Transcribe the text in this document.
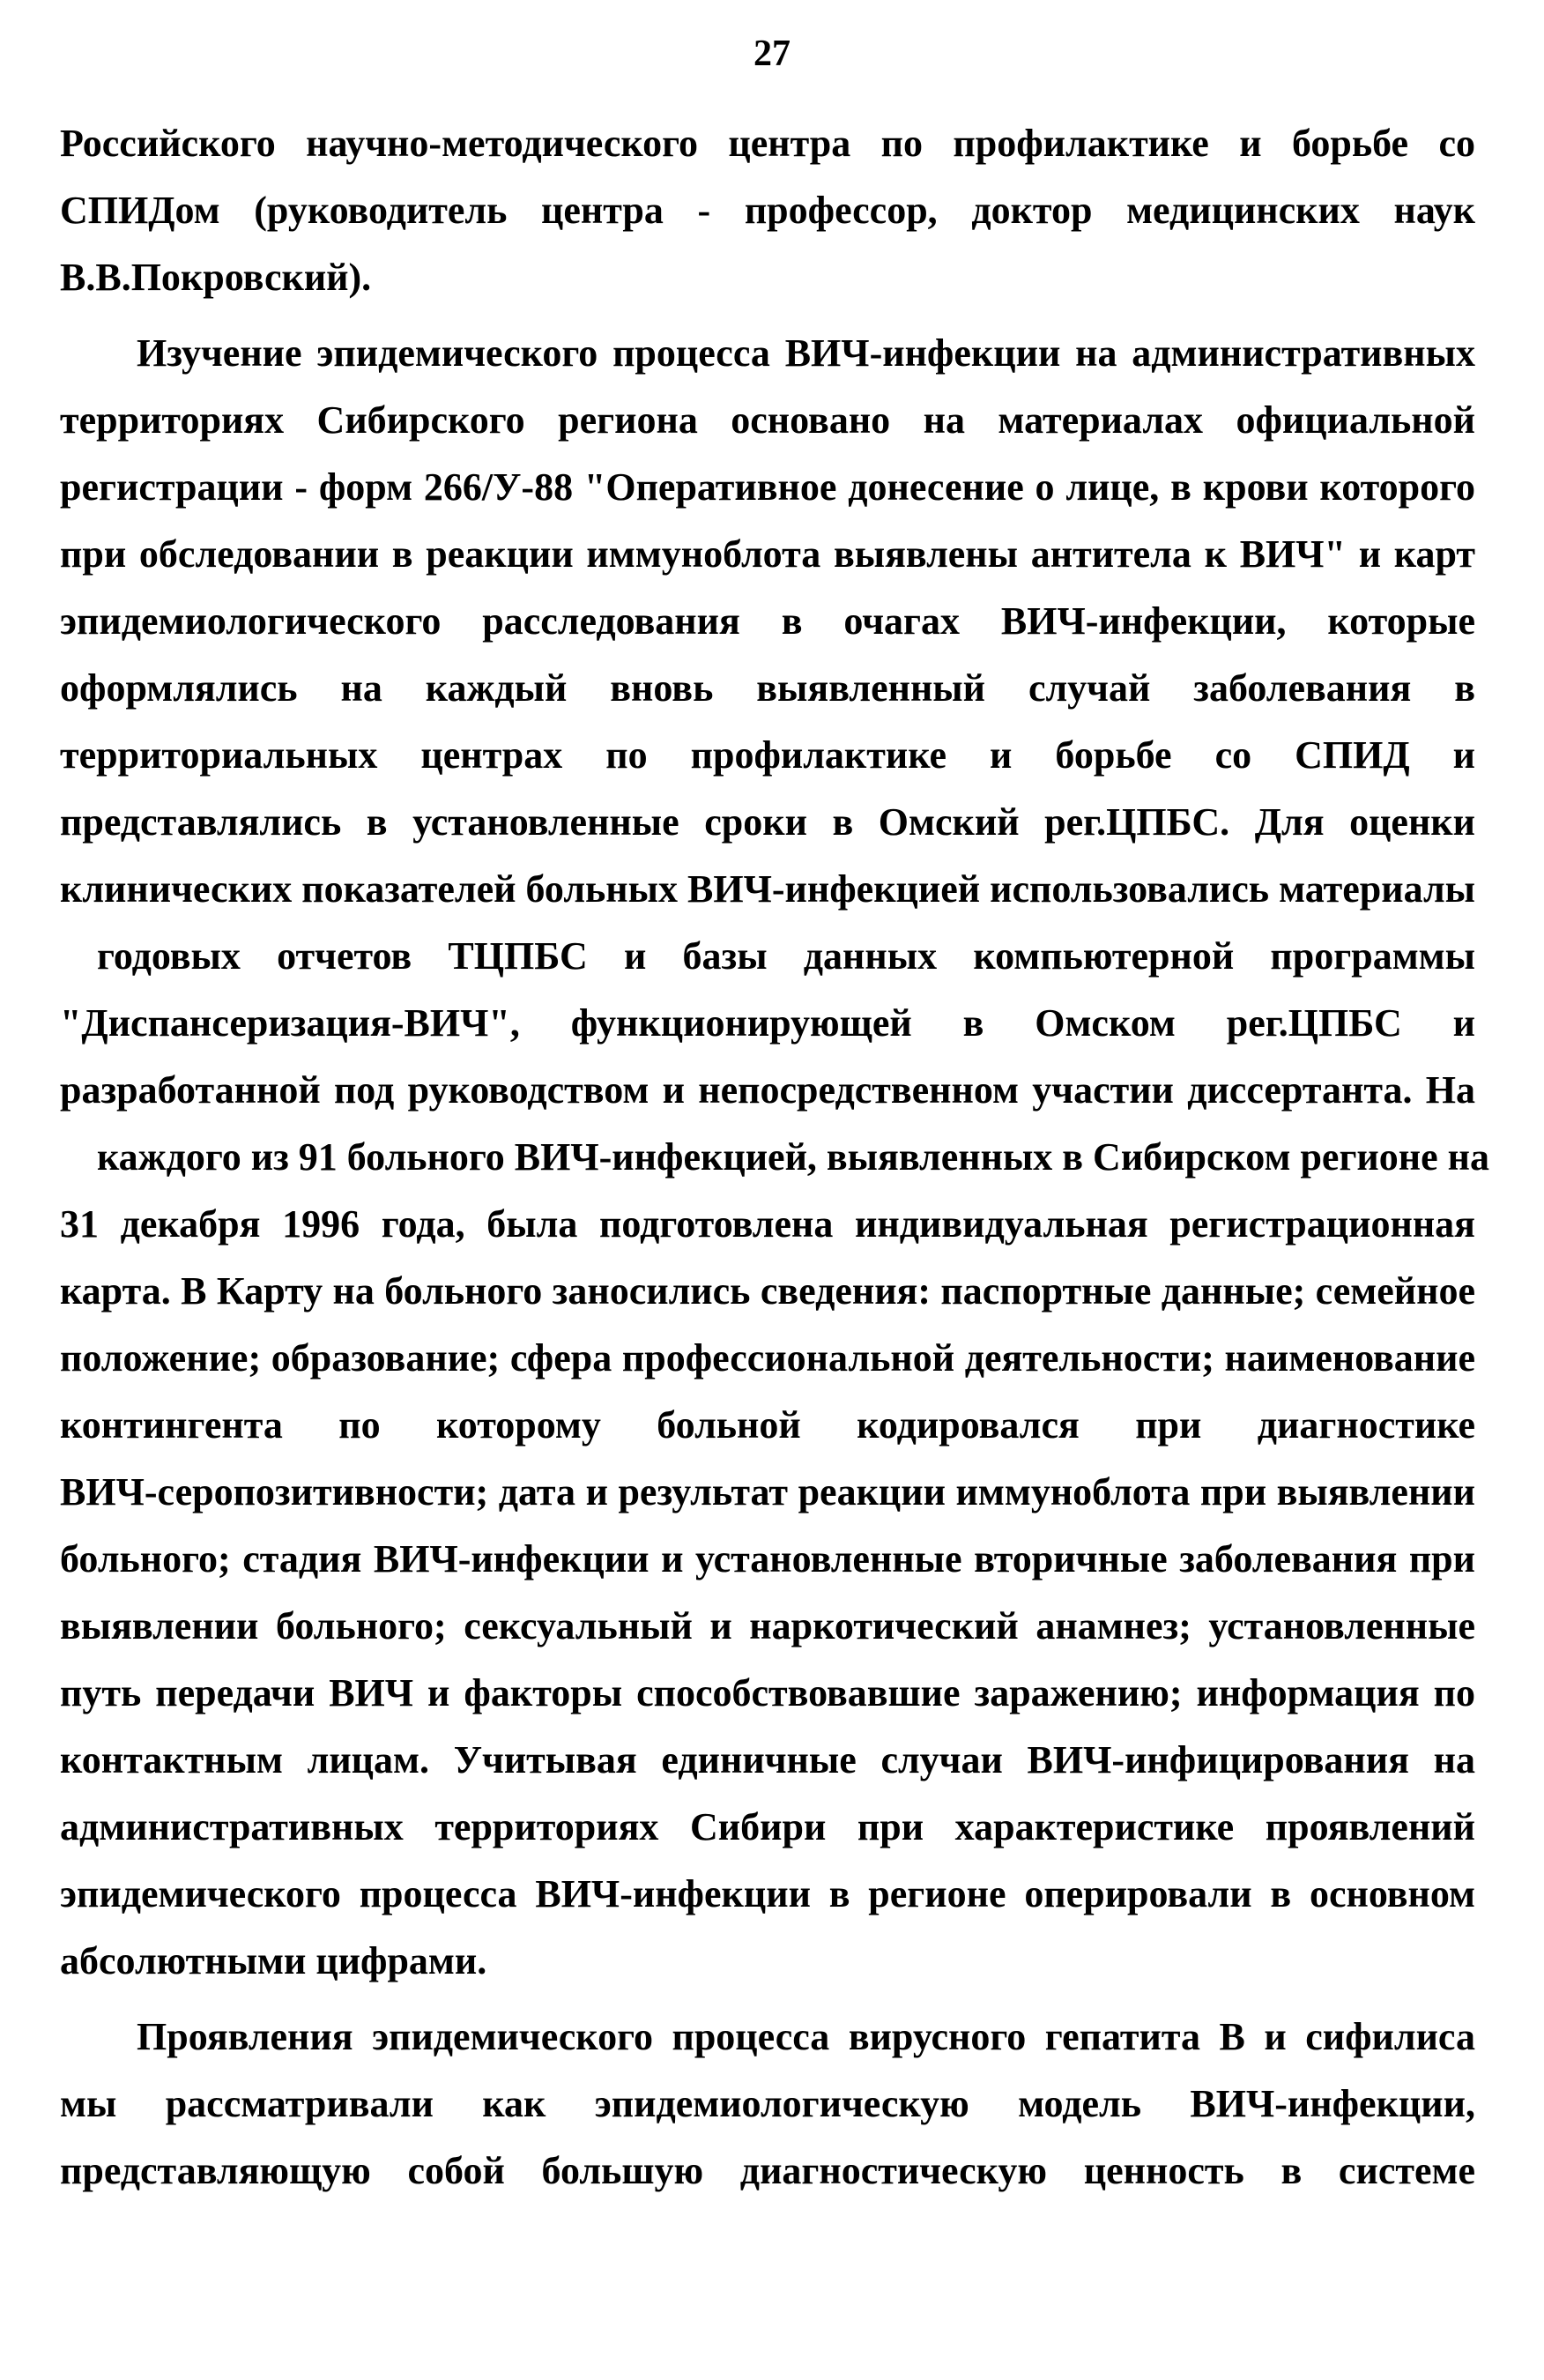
27
Российского научно-методического центра по профилактике и борьбе со
СПИДом (руководитель центра - профессор, доктор медицинских наук
В.В.Покровский).
Изучение эпидемического процесса ВИЧ-инфекции на административных
территориях Сибирского региона основано на материалах официальной
регистрации - форм 266/У-88 "Оперативное донесение о лице, в крови которого
при обследовании в реакции иммуноблота выявлены антитела к ВИЧ" и карт
эпидемиологического расследования в очагах ВИЧ-инфекции, которые
оформлялись на каждый вновь выявленный случай заболевания в
территориальных центрах по профилактике и борьбе со СПИД и
представлялись в установленные сроки в Омский рег.ЦПБС. Для оценки
клинических показателей больных ВИЧ-инфекцией использовались материалы
годовых отчетов ТЦПБС и базы данных компьютерной программы
"Диспансеризация-ВИЧ", функционирующей в Омском рег.ЦПБС и
разработанной под руководством и непосредственном участии диссертанта. На
каждого из 91 больного ВИЧ-инфекцией, выявленных в Сибирском регионе на
31 декабря 1996 года, была подготовлена индивидуальная регистрационная
карта. В Карту на больного заносились сведения: паспортные данные; семейное
положение; образование; сфера профессиональной деятельности; наименование
контингента по которому больной кодировался при диагностике
ВИЧ-серопозитивности; дата и результат реакции иммуноблота при выявлении
больного; стадия ВИЧ-инфекции и установленные вторичные заболевания при
выявлении больного; сексуальный и наркотический анамнез; установленные
путь передачи ВИЧ и факторы способствовавшие заражению; информация по
контактным лицам. Учитывая единичные случаи ВИЧ-инфицирования на
административных территориях Сибири при характеристике проявлений
эпидемического процесса ВИЧ-инфекции в регионе оперировали в основном
абсолютными цифрами.
Проявления эпидемического процесса вирусного гепатита В и сифилиса
мы рассматривали как эпидемиологическую модель ВИЧ-инфекции,
представляющую собой большую диагностическую ценность в системе
